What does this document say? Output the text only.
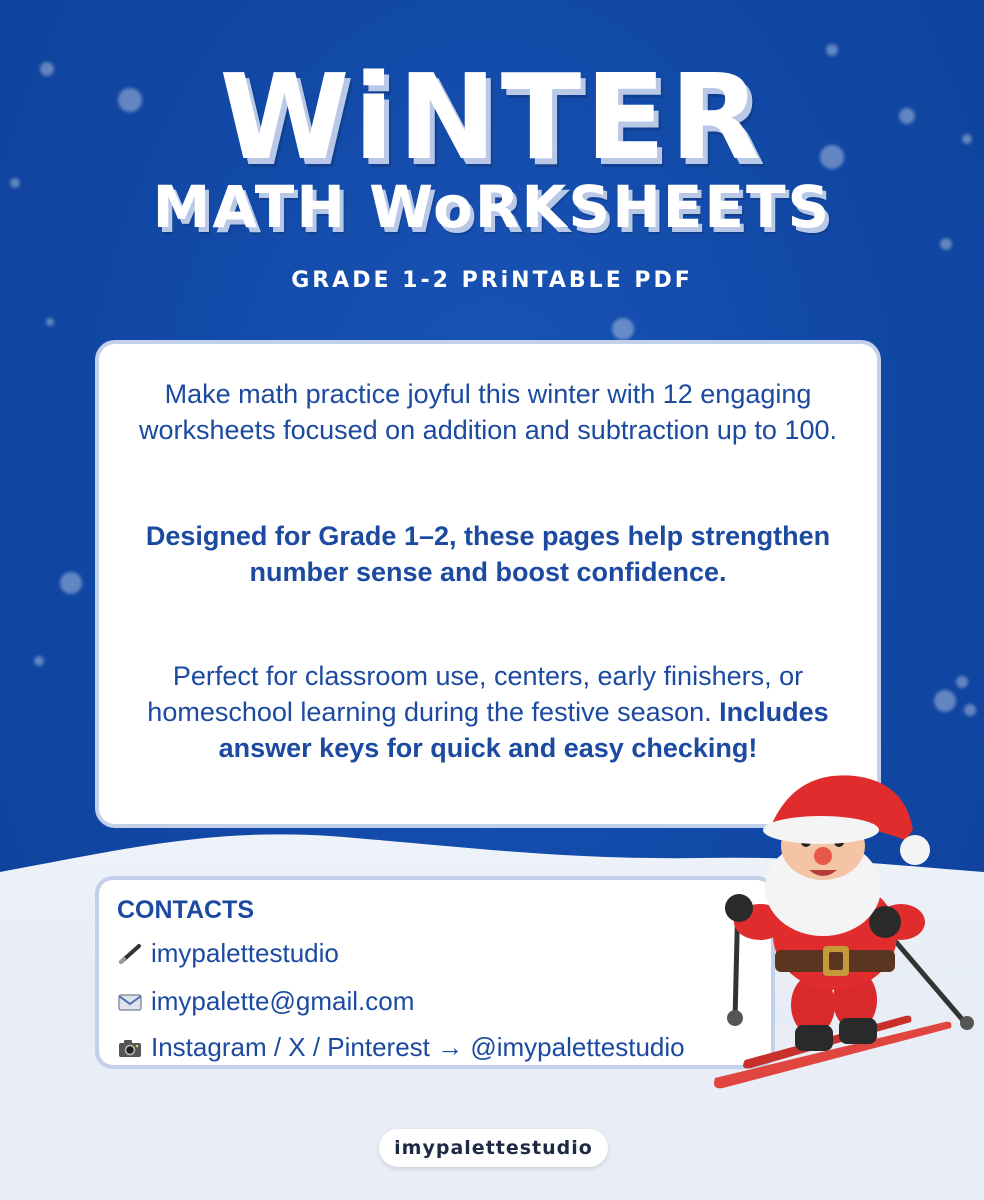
WiNTER
MATH WoRKSHEETS
GRADE 1-2 PRiNTABLE PDF

Make math practice joyful this winter with 12 engaging worksheets focused on addition and subtraction up to 100.

Designed for Grade 1–2, these pages help strengthen number sense and boost confidence.

Perfect for classroom use, centers, early finishers, or homeschool learning during the festive season. Includes answer keys for quick and easy checking!

CONTACTS
imypalettestudio
imypalette@gmail.com
Instagram / X / Pinterest → @imypalettestudio
imypalettestudio
